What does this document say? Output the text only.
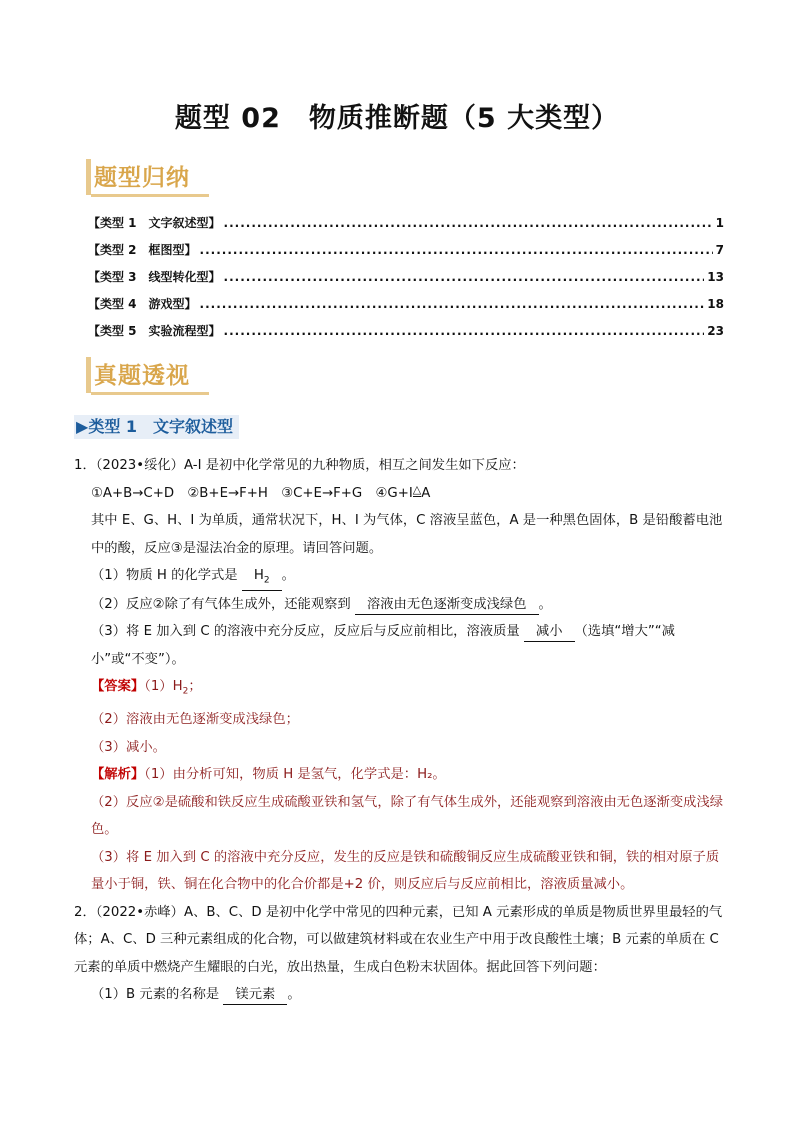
题型 02　物质推断题（5 大类型）
题型归纳
【类型 1　文字叙述型】 .....	1
【类型 2　框图型】 .....	7
【类型 3　线型转化型】 .....	13
【类型 4　游戏型】 .....	18
【类型 5　实验流程型】 .....	23
真题透视
▶类型 1　文字叙述型

1．（2023•绥化）A-I 是初中化学常见的九种物质，相互之间发生如下反应：

①A+B→C+D　②B+E→F+H　③C+E→F+G　④G+I△A

其中 E、G、H、I 为单质，通常状况下，H、I 为气体，C 溶液呈蓝色，A 是一种黑色固体，B 是铅酸蓄电池中的酸，反应③是湿法冶金的原理。请回答问题。

（1）物质 H 的化学式是 $H_2$ 。

（2）反应②除了有气体生成外，还能观察到 溶液由无色逐渐变成浅绿色 。

（3）将 E 加入到 C 的溶液中充分反应，反应后与反应前相比，溶液质量 减小 （选填“增大”“减小”或“不变”）。

【答案】$(1)H_2$；

（2）溶液由无色逐渐变成浅绿色；

（3）减小。

【解析】（1）由分析可知，物质 H 是氢气，化学式是：H₂。

（2）反应②是硫酸和铁反应生成硫酸亚铁和氢气，除了有气体生成外，还能观察到溶液由无色逐渐变成浅绿色。

（3）将 E 加入到 C 的溶液中充分反应，发生的反应是铁和硫酸铜反应生成硫酸亚铁和铜，铁的相对原子质量小于铜，铁、铜在化合物中的化合价都是+2 价，则反应后与反应前相比，溶液质量减小。

2．（2022•赤峰）A、B、C、D 是初中化学中常见的四种元素，已知 A 元素形成的单质是物质世界里最轻的气体；A、C、D 三种元素组成的化合物，可以做建筑材料或在农业生产中用于改良酸性土壤；B 元素的单质在 C 元素的单质中燃烧产生耀眼的白光，放出热量，生成白色粉末状固体。据此回答下列问题：

（1）B 元素的名称是 镁元素 。
